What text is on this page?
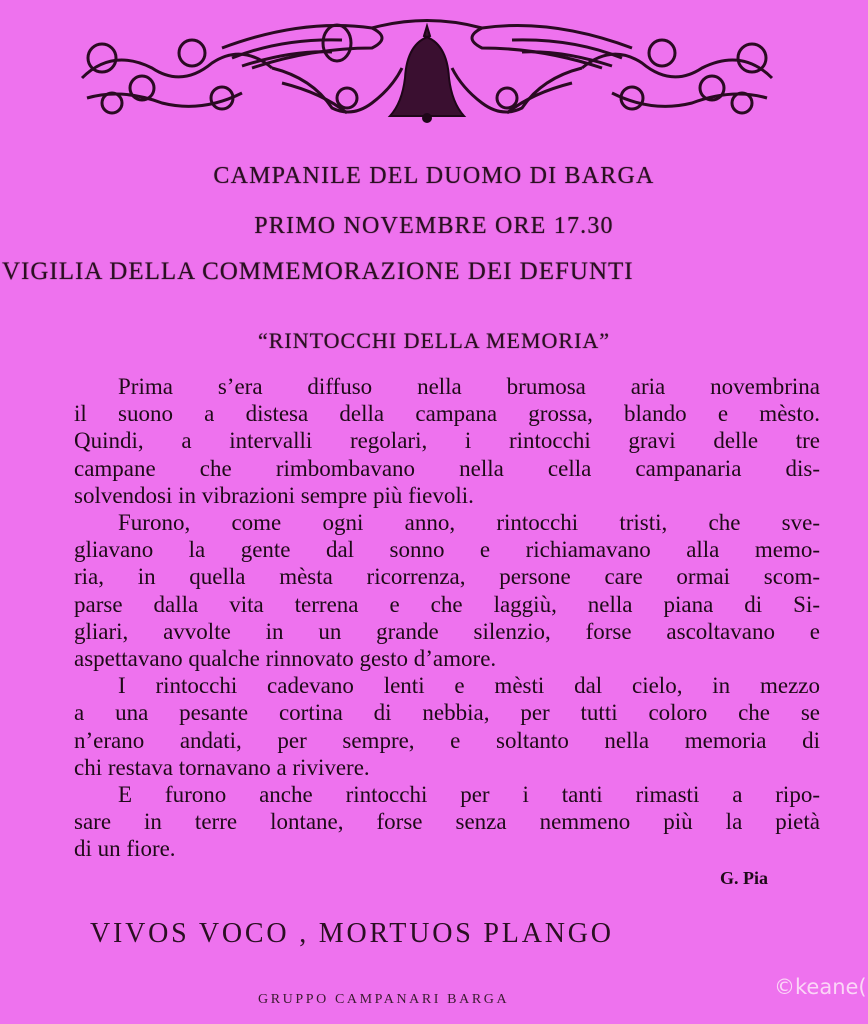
CAMPANILE DEL DUOMO DI BARGA
PRIMO NOVEMBRE ORE 17.30
VIGILIA DELLA COMMEMORAZIONE DEI DEFUNTI
“RINTOCCHI DELLA MEMORIA”
Prima s’era diffuso nella brumosa aria novembrina
il suono a distesa della campana grossa, blando e mèsto.
Quindi, a intervalli regolari, i rintocchi gravi delle tre
campane che rimbombavano nella cella campanaria dis-
solvendosi in vibrazioni sempre più fievoli.
Furono, come ogni anno, rintocchi tristi, che sve-
gliavano la gente dal sonno e richiamavano alla memo-
ria, in quella mèsta ricorrenza, persone care ormai scom-
parse dalla vita terrena e che laggiù, nella piana di Si-
gliari, avvolte in un grande silenzio, forse ascoltavano e
aspettavano qualche rinnovato gesto d’amore.
I rintocchi cadevano lenti e mèsti dal cielo, in mezzo
a una pesante cortina di nebbia, per tutti coloro che se
n’erano andati, per sempre, e soltanto nella memoria di
chi restava tornavano a rivivere.
E furono anche rintocchi per i tanti rimasti a ripo-
sare in terre lontane, forse senza nemmeno più la pietà
di un fiore.
G. Pia
VIVOS VOCO , MORTUOS PLANGO
GRUPPO CAMPANARI BARGA
©keane(
